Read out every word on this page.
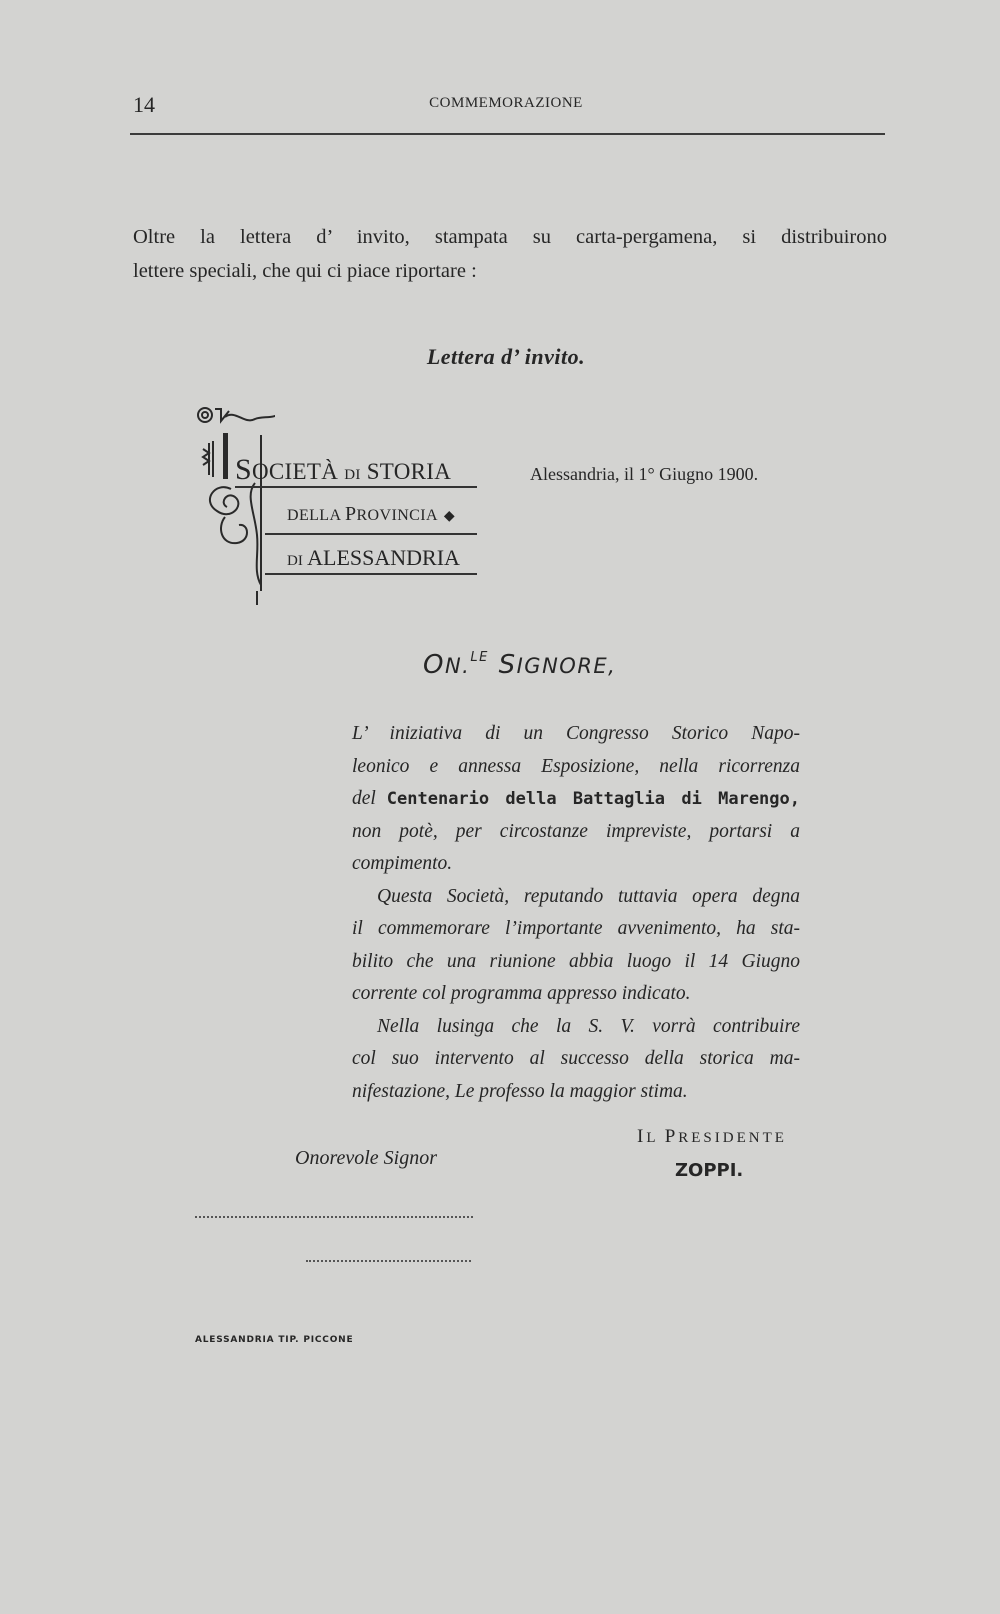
14	COMMEMORAZIONE
Oltre la lettera d’ invito, stampata su carta-pergamena, si distribuirono
lettere speciali, che qui ci piace riportare :
Lettera d’ invito.
SOCIETÀ DI STORIA
DELLA PROVINCIA ◆
DI ALESSANDRIA
Alessandria, il 1° Giugno 1900.
ON.$^{LE}$ SIGNORE,
L’ iniziativa di un Congresso Storico Napo-
leonico e annessa Esposizione, nella ricorrenza
del Centenario della Battaglia di Marengo,
non potè, per circostanze impreviste, portarsi a
compimento.
Questa Società, reputando tuttavia opera degna
il commemorare l’importante avvenimento, ha sta-
bilito che una riunione abbia luogo il 14 Giugno
corrente col programma appresso indicato.
Nella lusinga che la S. V. vorrà contribuire
col suo intervento al successo della storica ma-
nifestazione, Le professo la maggior stima.
IL PRESIDENTE
Onorevole Signor
ZOPPI.
ALESSANDRIA TIP. PICCONE
